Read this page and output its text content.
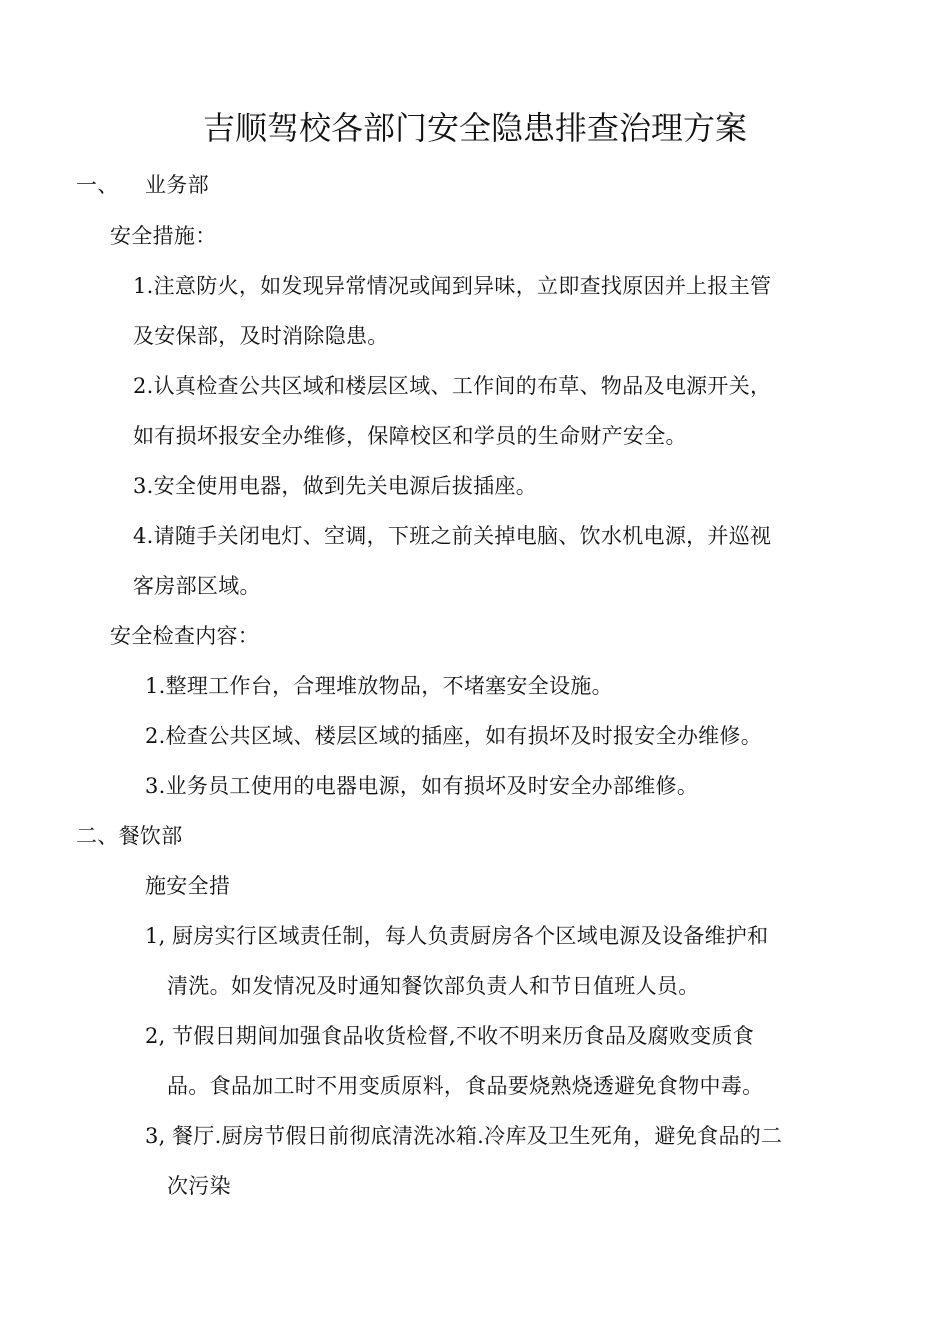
吉顺驾校各部门安全隐患排查治理方案
一、 业务部
安全措施：
1.注意防火，如发现异常情况或闻到异味，立即查找原因并上报主管
及安保部，及时消除隐患。
2.认真检查公共区域和楼层区域、工作间的布草、物品及电源开关，
如有损坏报安全办维修，保障校区和学员的生命财产安全。
3.安全使用电器，做到先关电源后拔插座。
4.请随手关闭电灯、空调，下班之前关掉电脑、饮水机电源，并巡视
客房部区域。
安全检查内容：
1.整理工作台，合理堆放物品，不堵塞安全设施。
2.检查公共区域、楼层区域的插座，如有损坏及时报安全办维修。
3.业务员工使用的电器电源，如有损坏及时安全办部维修。
二、餐饮部
施安全措
1, 厨房实行区域责任制，每人负责厨房各个区域电源及设备维护和
清洗。如发情况及时通知餐饮部负责人和节日值班人员。
2, 节假日期间加强食品收货检督,不收不明来历食品及腐败变质食
品。食品加工时不用变质原料，食品要烧熟烧透避免食物中毒。
3, 餐厅.厨房节假日前彻底清洗冰箱.冷库及卫生死角，避免食品的二
次污染
